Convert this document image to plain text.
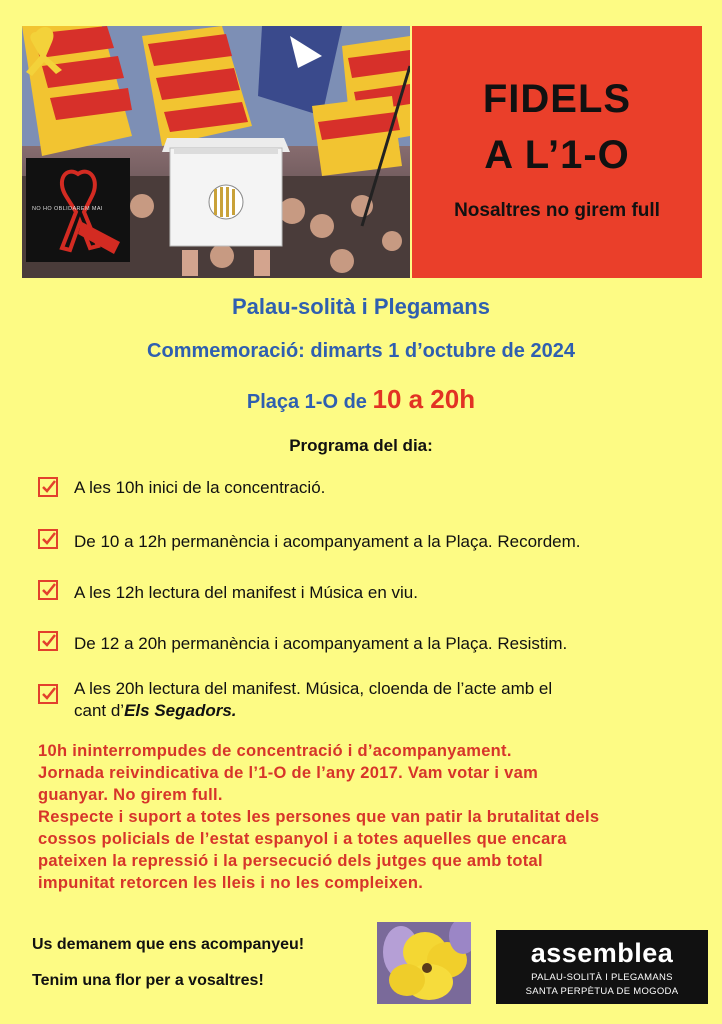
NO HO OBLIDAREM MAI
FIDELS
A L’1-O
Nosaltres no girem full
Palau-solità i Plegamans
Commemoració: dimarts 1 d’octubre de 2024
Plaça 1-O de 10 a 20h
Programa del dia:
A les 10h inici de la concentració.
De 10 a 12h permanència i acompanyament a la Plaça. Recordem.
A les 12h lectura del manifest i Música en viu.
De 12 a 20h permanència i acompanyament a la Plaça. Resistim.
A les 20h lectura del manifest. Música, cloenda de l’acte amb el
cant d’Els Segadors.
10h ininterrompudes de concentració i d’acompanyament.
Jornada reivindicativa de l’1-O de l’any 2017. Vam votar i vam
guanyar. No girem full.
Respecte i suport a totes les persones que van patir la brutalitat dels
cossos policials de l’estat espanyol i a totes aquelles que encara
pateixen la repressió i la persecució dels jutges que amb total
impunitat retorcen les lleis i no les compleixen.
Us demanem que ens acompanyeu!
Tenim una flor per a vosaltres!
assemblea
PALAU-SOLITÀ I PLEGAMANS
SANTA PERPÈTUA DE MOGODA
